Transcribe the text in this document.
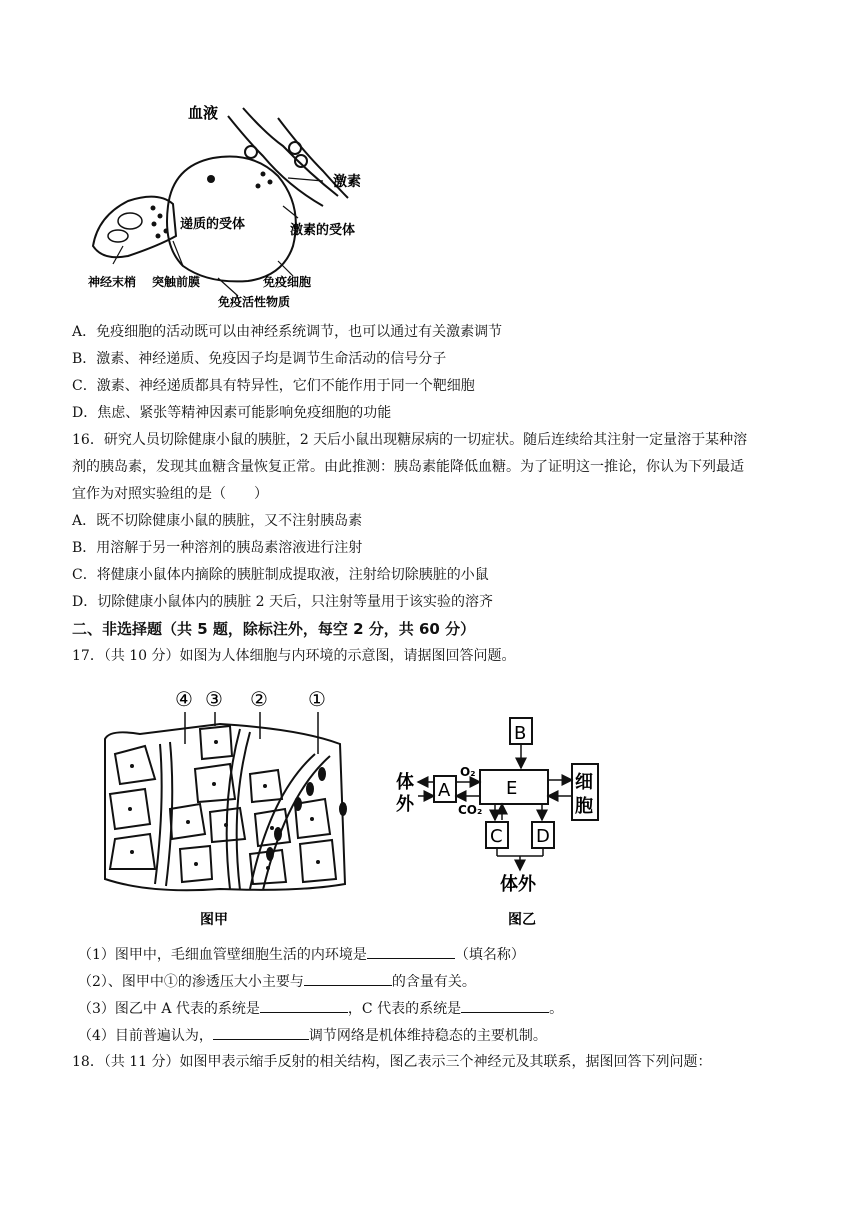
血液
激素
递质的受体	激素的受体
神经末梢 突触前膜	免疫细胞
免疫活性物质
A．免疫细胞的活动既可以由神经系统调节，也可以通过有关激素调节
B．激素、神经递质、免疫因子均是调节生命活动的信号分子
C．激素、神经递质都具有特异性，它们不能作用于同一个靶细胞
D．焦虑、紧张等精神因素可能影响免疫细胞的功能
16．研究人员切除健康小鼠的胰脏，2 天后小鼠出现糖尿病的一切症状。随后连续给其注射一定量溶于某种溶
剂的胰岛素，发现其血糖含量恢复正常。由此推测：胰岛素能降低血糖。为了证明这一推论，你认为下列最适
宜作为对照实验组的是（　　）
A．既不切除健康小鼠的胰脏，又不注射胰岛素
B．用溶解于另一种溶剂的胰岛素溶液进行注射
C．将健康小鼠体内摘除的胰脏制成提取液，注射给切除胰脏的小鼠
D．切除健康小鼠体内的胰脏 2 天后，只注射等量用于该实验的溶齐
二、非选择题（共 5 题，除标注外，每空 2 分，共 60 分）
17．（共 10 分）如图为人体细胞与内环境的示意图，请据图回答问题。
④ ③ ② ①
图甲
B
E
A
体
外
O₂
CO₂
细
胞
C D
体外
图乙
（1）图甲中，毛细血管壁细胞生活的内环境是	（填名称）
（2）、图甲中①的渗透压大小主要与	的含量有关。
（3）图乙中 A 代表的系统是	，C 代表的系统是	。
（4）目前普遍认为，	调节网络是机体维持稳态的主要机制。
18．（共 11 分）如图甲表示缩手反射的相关结构，图乙表示三个神经元及其联系，据图回答下列问题：
